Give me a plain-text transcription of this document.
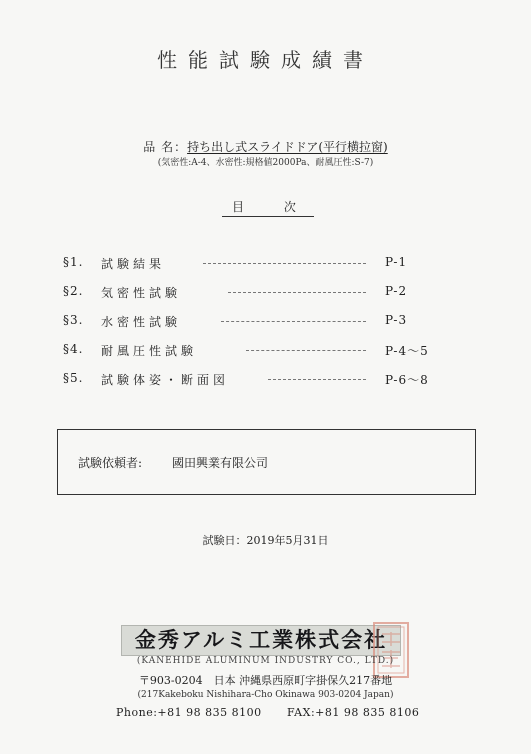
性能試験成績書
品 名：持ち出し式スライドドア(平行横拉窗)
(気密性:A-4、水密性:規格値2000Pa、耐風圧性:S-7)
目 次
§1. 試験結果	P-1
§2. 気密性試験	P-2
§3. 水密性試験	P-3
§4. 耐風圧性試験	P-4～5
§5. 試験体姿・断面図	P-6～8
試験依頼者: 國田興業有限公司
試験日：2019年5月31日
金秀アルミ工業株式会社
(KANEHIDE ALUMINUM INDUSTRY CO., LTD.)
〒903-0204　日本 沖縄県西原町字掛保久217番地
(217Kakeboku Nishihara-Cho Okinawa 903-0204 Japan)
Phone:+81 98 835 8100 FAX:+81 98 835 8106
